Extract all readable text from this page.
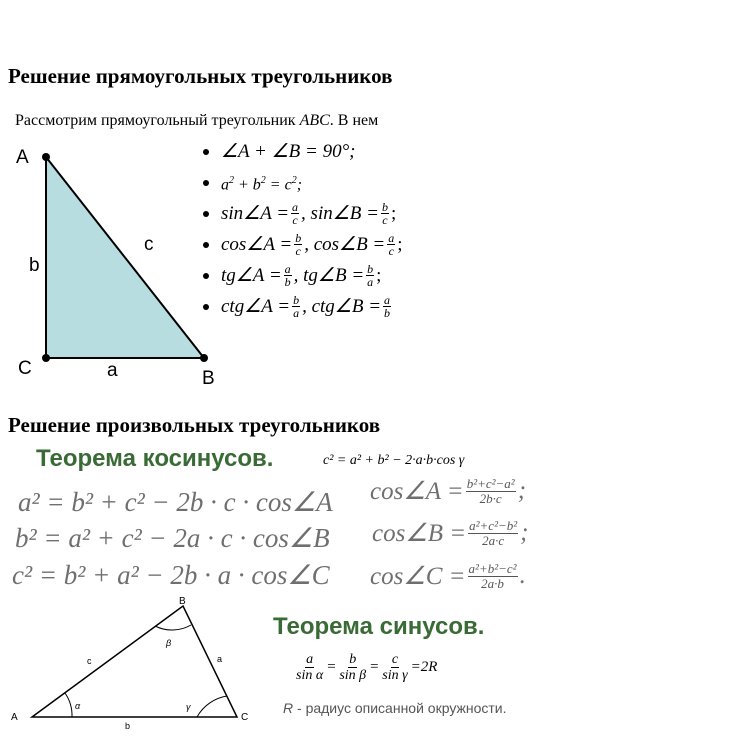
Решение прямоугольных треугольников
Рассмотрим прямоугольный треугольник ABC. В нем
A
C	B
b
c
a
∠A + ∠B = 90°;
$a^2 + b^2 = c^2$;
sin∠A = $\frac{a}{c}$ , sin∠B = $\frac{b}{c}$ ;
cos∠A = $\frac{b}{c}$ , cos∠B = $\frac{a}{c}$ ;
tg∠A = $\frac{a}{b}$ , tg∠B = $\frac{b}{a}$ ;
ctg∠A = $\frac{b}{a}$ , ctg∠B = $\frac{a}{b}$
Решение произвольных треугольников
Теорема косинусов.	c² = a² + b² − 2·a·b·cos γ
a² = b² + c² − 2b · c · cos∠A
b² = a² + c² − 2a · c · cos∠B
c² = b² + a² − 2b · a · cos∠C
cos∠A = $\frac{\text{b²+c²−a²}}{2b\cdot c}$ ;
cos∠B = $\frac{\text{a²+c²−b²}}{2a\cdot c}$ ;
cos∠C = $\frac{\text{a²+b²−c²}}{2a\cdot b}$ .
A
B
C
c	a
b
α
β
γ
Теорема синусов.
$\frac{a}{\text{sin α}} = \frac{b}{\text{sin β}} = \frac{c}{\text{sin γ}} =2R$
R - радиус описанной окружности.
